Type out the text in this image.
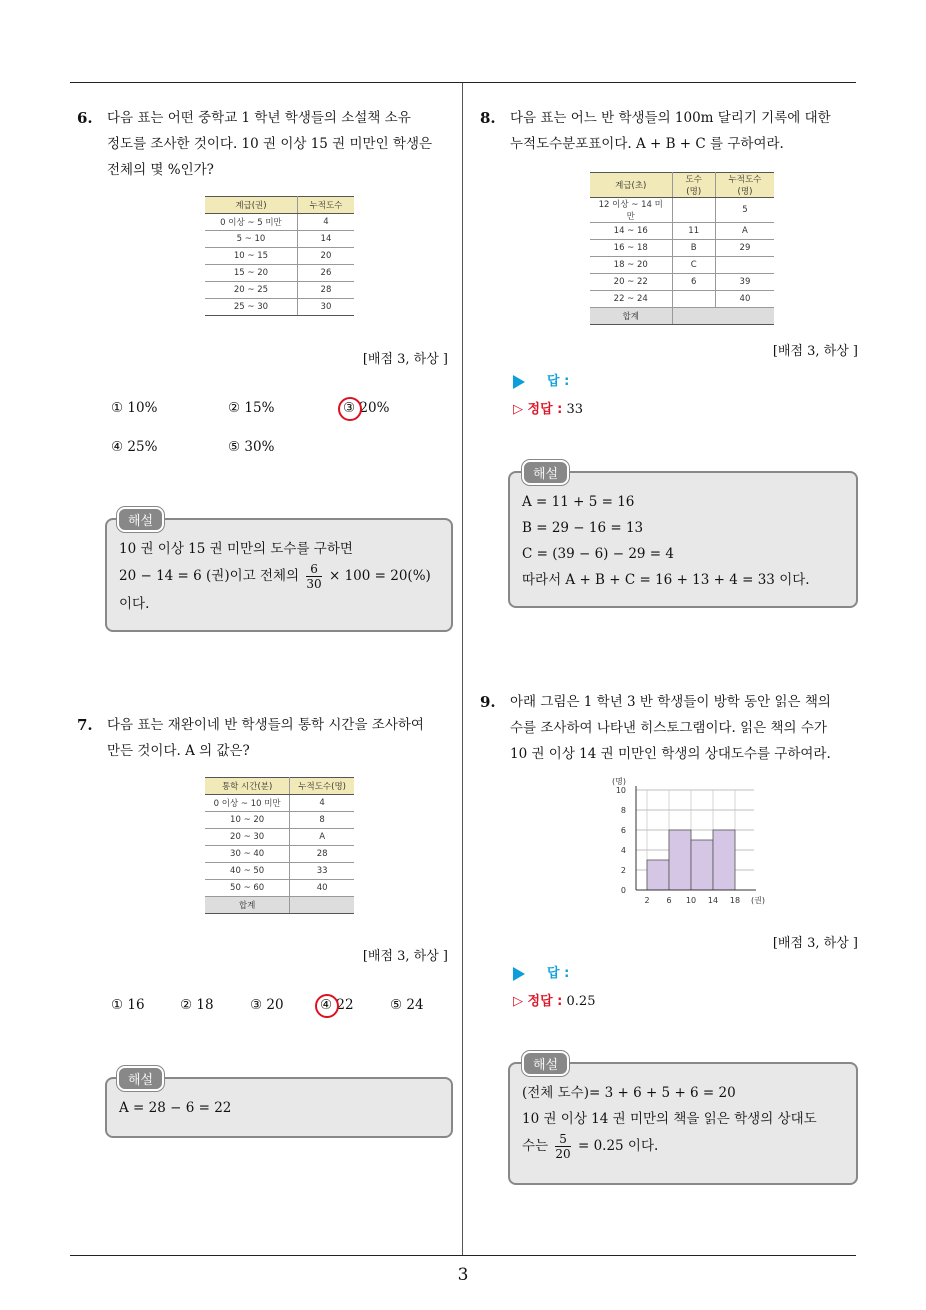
3
6. 다음 표는 어떤 중학교 1 학년 학생들의 소설책 소유
정도를 조사한 것이다. 10 권 이상 15 권 미만인 학생은
전체의 몇 %인가?
계급(권)	누적도수
0 이상 ~ 5 미만	4
5 ~ 10	14
10 ~ 15	20
15 ~ 20	26
20 ~ 25	28
25 ~ 30	30
[배점 3, 하상 ]
① 10%	② 15%	③ 20%
④ 25%	⑤ 30%
10 권 이상 15 권 미만의 도수를 구하면
20 − 14 = 6 (권)이고 전체의 $\frac{6}{30} \times 100 = 20(\%)$
이다.
해설
7. 다음 표는 재완이네 반 학생들의 통학 시간을 조사하여
만든 것이다. A 의 값은?
통학 시간(분)	누적도수(명)
0 이상 ~ 10 미만	4
10 ~ 20	8
20 ~ 30	A
30 ~ 40	28
40 ~ 50	33
50 ~ 60	40
합계	
[배점 3, 하상 ]
① 16	② 18	③ 20	④ 22	⑤ 24
A = 28 − 6 = 22
해설
8. 다음 표는 어느 반 학생들의 100m 달리기 기록에 대한
누적도수분포표이다. A + B + C 를 구하여라.
계급(초)	도수(명)	누적도수(명)
12 이상 ~ 14 미만		5
14 ~ 16	11	A
16 ~ 18	B	29
18 ~ 20	C	
20 ~ 22	6	39
22 ~ 24		40
합계		
[배점 3, 하상 ]
답 :
▷ 정답 : 33
A = 11 + 5 = 16
B = 29 − 16 = 13
C = (39 − 6) − 29 = 4
따라서 A + B + C = 16 + 13 + 4 = 33 이다.
해설
9. 아래 그림은 1 학년 3 반 학생들이 방학 동안 읽은 책의
수를 조사하여 나타낸 히스토그램이다. 읽은 책의 수가
10 권 이상 14 권 미만인 학생의 상대도수를 구하여라.
0
2
4
6
8
10
2 6 10 14 18 (권)
(명)
[배점 3, 하상 ]
답 :
▷ 정답 : 0.25
(전체 도수)= 3 + 6 + 5 + 6 = 20
10 권 이상 14 권 미만의 책을 읽은 학생의 상대도
수는 $\frac{5}{20} = 0.25$ 이다.
해설
